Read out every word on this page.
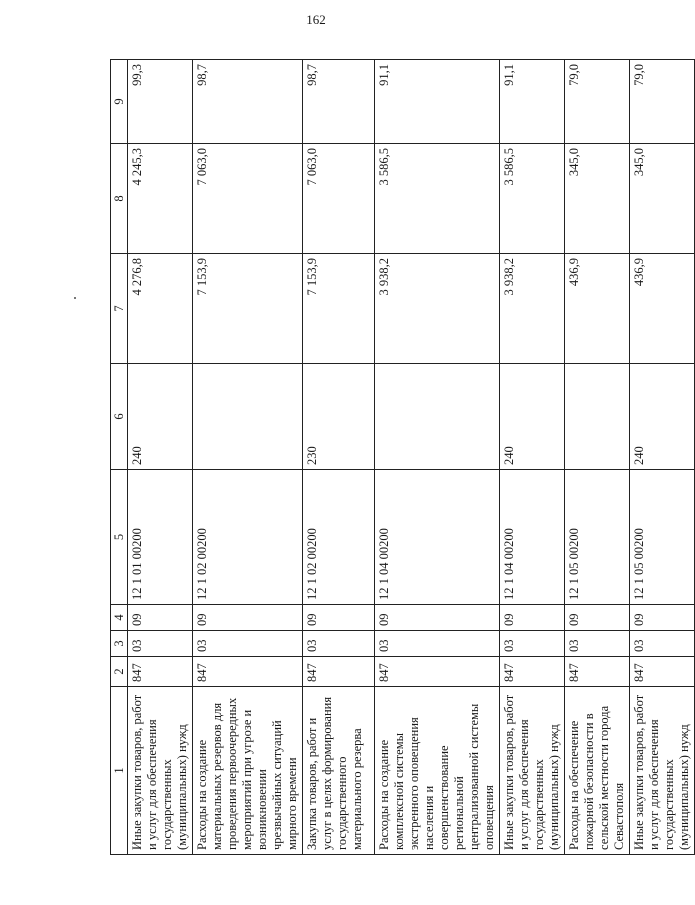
162
1	2	3	4	5	6	7	8	9
Иные закупки товаров, работ и услуг для обеспечения государственных (муниципальных) нужд	847	03	09	12 1 01 00200	240	4 276,8	4 245,3	99,3
Расходы на создание материальных резервов для проведения первоочередных мероприятий при угрозе и возникновении чрезвычайных ситуаций мирного времени	847	03	09	12 1 02 00200		7 153,9	7 063,0	98,7
Закупка товаров, работ и услуг в целях формирования государственного материального резерва	847	03	09	12 1 02 00200	230	7 153,9	7 063,0	98,7
Расходы на создание комплексной системы экстренного оповещения населения и совершенствование региональной централизованной системы оповещения	847	03	09	12 1 04 00200		3 938,2	3 586,5	91,1
Иные закупки товаров, работ и услуг для обеспечения государственных (муниципальных) нужд	847	03	09	12 1 04 00200	240	3 938,2	3 586,5	91,1
Расходы на обеспечение пожарной безопасности в сельской местности города Севастополя	847	03	09	12 1 05 00200		436,9	345,0	79,0
Иные закупки товаров, работ и услуг для обеспечения государственных (муниципальных) нужд	847	03	09	12 1 05 00200	240	436,9	345,0	79,0
